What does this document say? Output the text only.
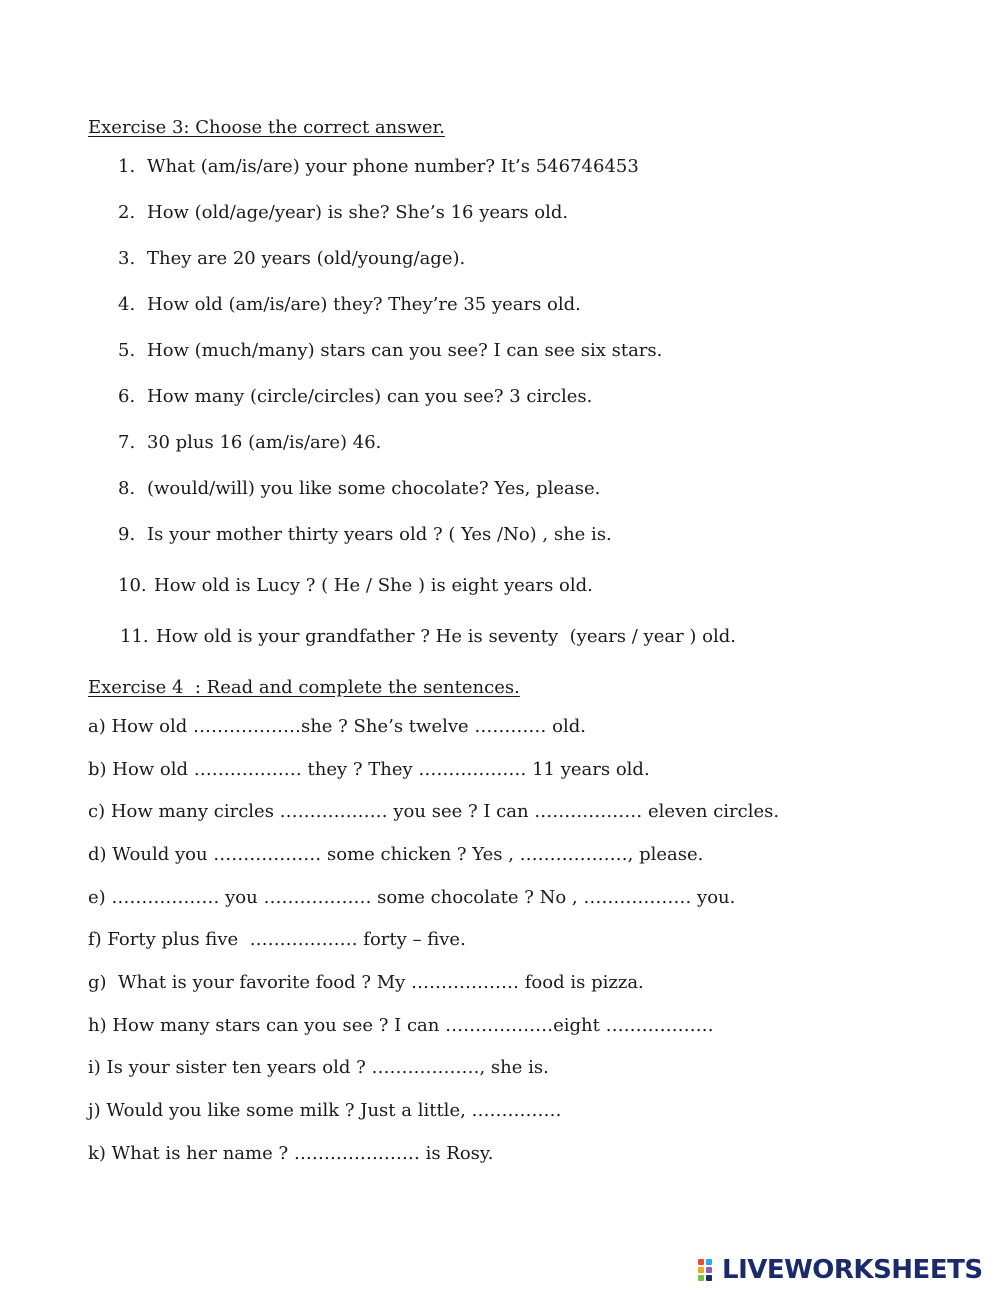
Exercise 3: Choose the correct answer.
1. What (am/is/are) your phone number? It’s 546746453
2. How (old/age/year) is she? She’s 16 years old.
3. They are 20 years (old/young/age).
4. How old (am/is/are) they? They’re 35 years old.
5. How (much/many) stars can you see? I can see six stars.
6. How many (circle/circles) can you see? 3 circles.
7. 30 plus 16 (am/is/are) 46.
8. (would/will) you like some chocolate? Yes, please.
9. Is your mother thirty years old ? ( Yes /No) , she is.
10. How old is Lucy ? ( He / She ) is eight years old.
11. How old is your grandfather ? He is seventy  (years / year ) old.
Exercise 4  : Read and complete the sentences.
a) How old ………………she ? She’s twelve ………… old.
b) How old ……………… they ? They ……………… 11 years old.
c) How many circles ……………… you see ? I can ……………… eleven circles.
d) Would you ……………… some chicken ? Yes , ………………, please.
e) ……………… you ……………… some chocolate ? No , ……………… you.
f) Forty plus five  ……………… forty – five.
g)  What is your favorite food ? My ……………… food is pizza.
h) How many stars can you see ? I can ………………eight ………………
i) Is your sister ten years old ? ………………, she is.
j) Would you like some milk ? Just a little, ……………
k) What is her name ? ………………… is Rosy.
LIVEWORKSHEETS
